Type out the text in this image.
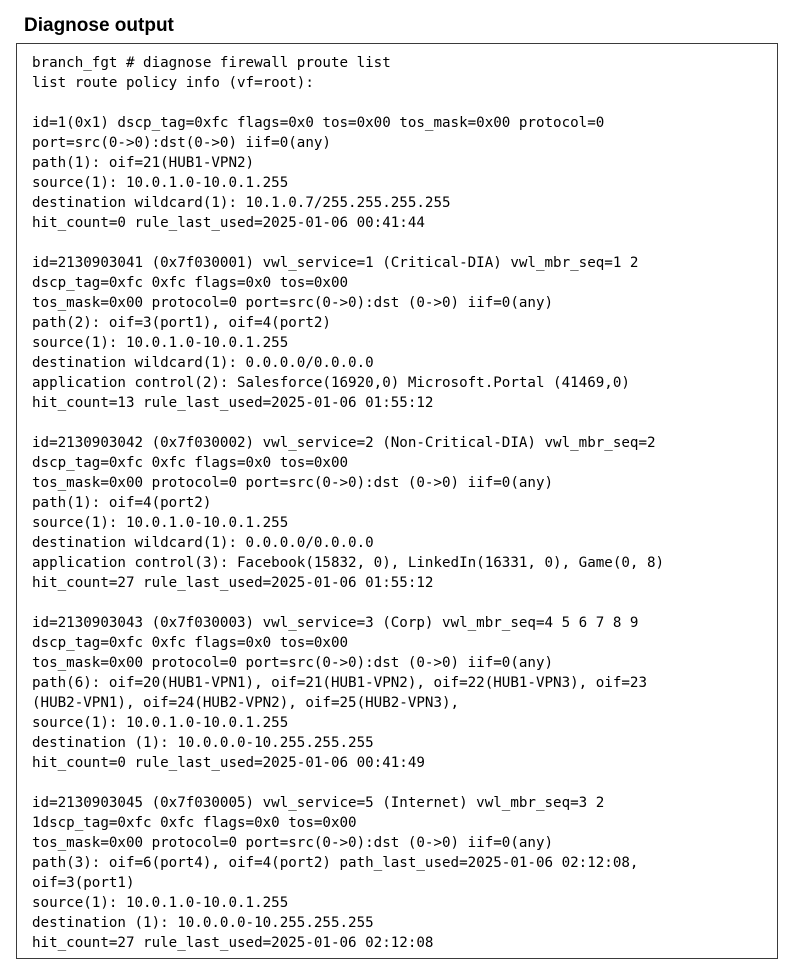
Diagnose output
branch_fgt # diagnose firewall proute list
list route policy info (vf=root):
id=1(0x1) dscp_tag=0xfc flags=0x0 tos=0x00 tos_mask=0x00 protocol=0
port=src(0->0):dst(0->0) iif=0(any)
path(1): oif=21(HUB1-VPN2)
source(1): 10.0.1.0-10.0.1.255
destination wildcard(1): 10.1.0.7/255.255.255.255
hit_count=0 rule_last_used=2025-01-06 00:41:44
id=2130903041 (0x7f030001) vwl_service=1 (Critical-DIA) vwl_mbr_seq=1 2
dscp_tag=0xfc 0xfc flags=0x0 tos=0x00
tos_mask=0x00 protocol=0 port=src(0->0):dst (0->0) iif=0(any)
path(2): oif=3(port1), oif=4(port2)
source(1): 10.0.1.0-10.0.1.255
destination wildcard(1): 0.0.0.0/0.0.0.0
application control(2): Salesforce(16920,0) Microsoft.Portal (41469,0)
hit_count=13 rule_last_used=2025-01-06 01:55:12
id=2130903042 (0x7f030002) vwl_service=2 (Non-Critical-DIA) vwl_mbr_seq=2
dscp_tag=0xfc 0xfc flags=0x0 tos=0x00
tos_mask=0x00 protocol=0 port=src(0->0):dst (0->0) iif=0(any)
path(1): oif=4(port2)
source(1): 10.0.1.0-10.0.1.255
destination wildcard(1): 0.0.0.0/0.0.0.0
application control(3): Facebook(15832, 0), LinkedIn(16331, 0), Game(0, 8)
hit_count=27 rule_last_used=2025-01-06 01:55:12
id=2130903043 (0x7f030003) vwl_service=3 (Corp) vwl_mbr_seq=4 5 6 7 8 9
dscp_tag=0xfc 0xfc flags=0x0 tos=0x00
tos_mask=0x00 protocol=0 port=src(0->0):dst (0->0) iif=0(any)
path(6): oif=20(HUB1-VPN1), oif=21(HUB1-VPN2), oif=22(HUB1-VPN3), oif=23
(HUB2-VPN1), oif=24(HUB2-VPN2), oif=25(HUB2-VPN3),
source(1): 10.0.1.0-10.0.1.255
destination (1): 10.0.0.0-10.255.255.255
hit_count=0 rule_last_used=2025-01-06 00:41:49
id=2130903045 (0x7f030005) vwl_service=5 (Internet) vwl_mbr_seq=3 2
1dscp_tag=0xfc 0xfc flags=0x0 tos=0x00
tos_mask=0x00 protocol=0 port=src(0->0):dst (0->0) iif=0(any)
path(3): oif=6(port4), oif=4(port2) path_last_used=2025-01-06 02:12:08,
oif=3(port1)
source(1): 10.0.1.0-10.0.1.255
destination (1): 10.0.0.0-10.255.255.255
hit_count=27 rule_last_used=2025-01-06 02:12:08
